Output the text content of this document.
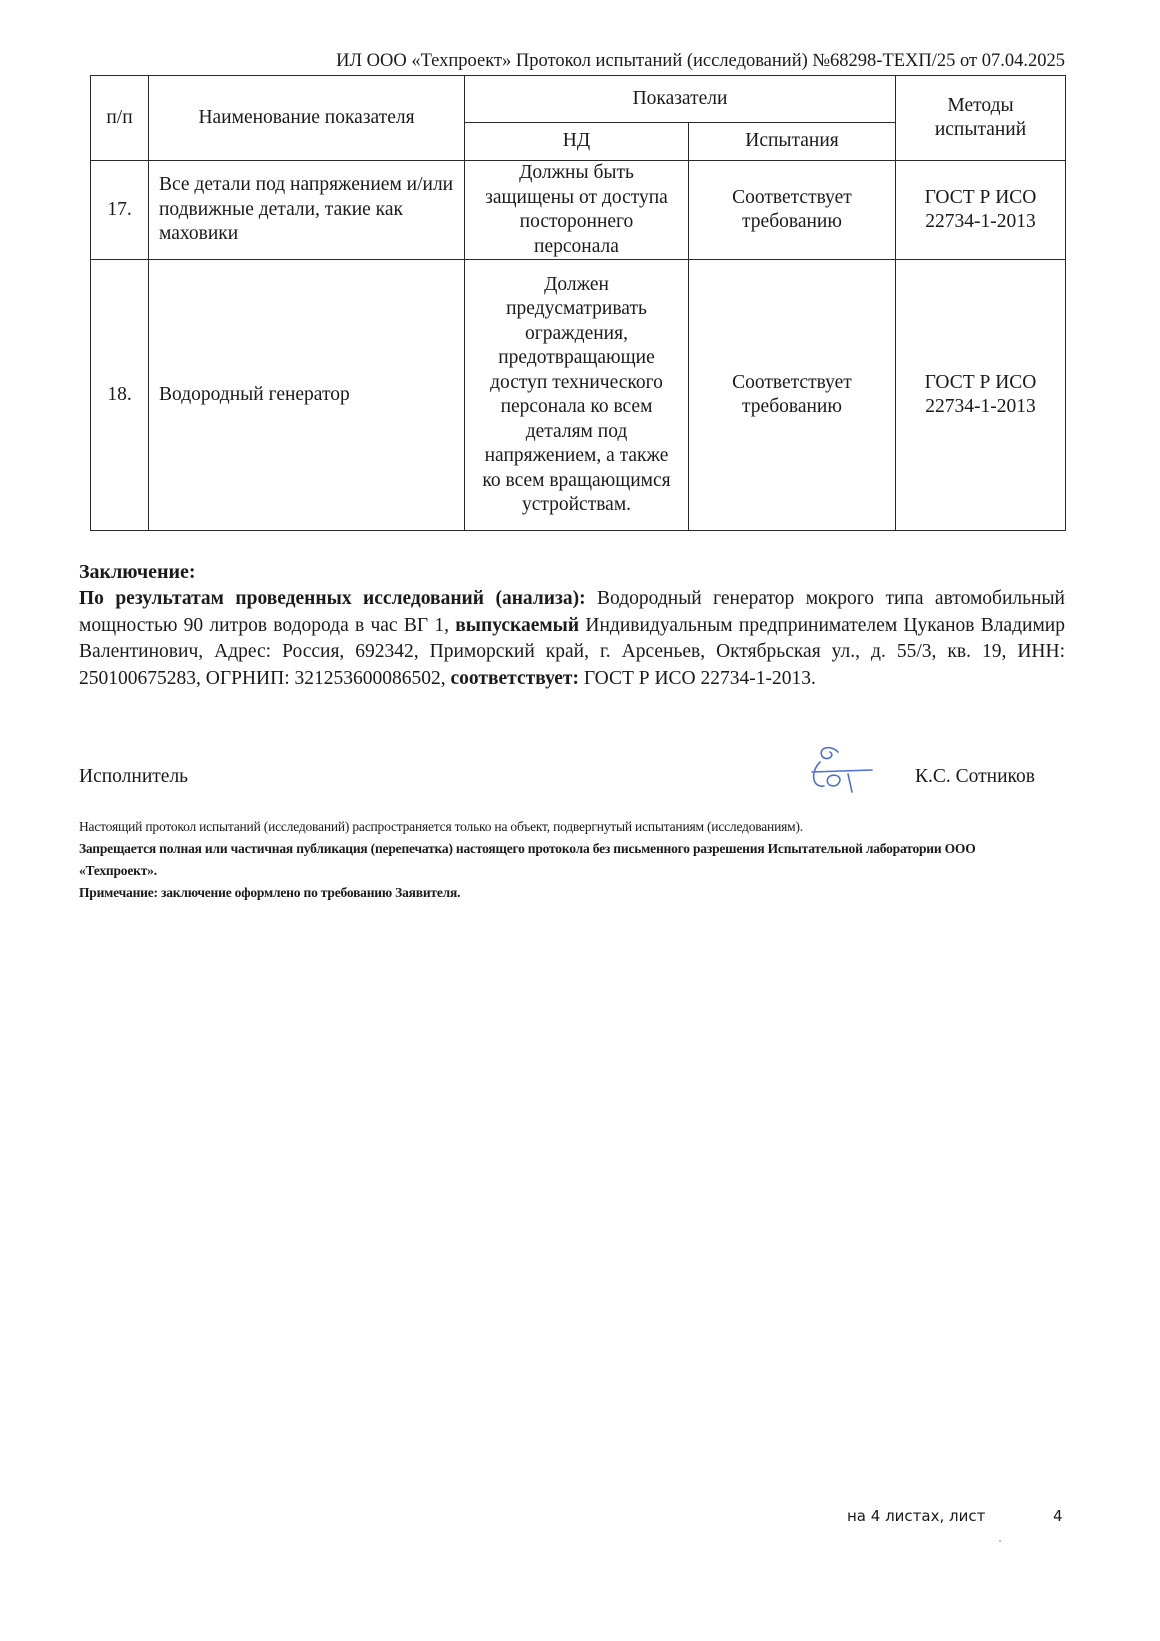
ИЛ ООО «Техпроект» Протокол испытаний (исследований) №68298-ТЕХП/25 от 07.04.2025
п/п	Наименование показателя	Показатели		Методы испытаний
		НД	Испытания	
17.	Все детали под напряжением и/или подвижные детали, такие как маховики	Должны быть защищены от доступа постороннего персонала	Соответствует требованию	ГОСТ Р ИСО 22734-1-2013
18.	Водородный генератор	Должен предусматривать ограждения, предотвращающие доступ технического персонала ко всем деталям под напряжением, а также ко всем вращающимся устройствам.	Соответствует требованию	ГОСТ Р ИСО 22734-1-2013
Заключение:

По результатам проведенных исследований (анализа): Водородный генератор мокрого типа автомобильный мощностью 90 литров водорода в час ВГ 1, выпускаемый Индивидуальным предпринимателем Цуканов Владимир Валентинович, Адрес: Россия, 692342, Приморский край, г. Арсеньев, Октябрьская ул., д. 55/3, кв. 19, ИНН: 250100675283, ОГРНИП: 321253600086502, соответствует: ГОСТ Р ИСО 22734-1-2013.

Исполнитель	К.С. Сотников
Настоящий протокол испытаний (исследований) распространяется только на объект, подвергнутый испытаниям (исследованиям).
Запрещается полная или частичная публикация (перепечатка) настоящего протокола без письменного разрешения Испытательной лаборатории ООО «Техпроект».
Примечание: заключение оформлено по требованию Заявителя.
на 4 листах, лист	4
